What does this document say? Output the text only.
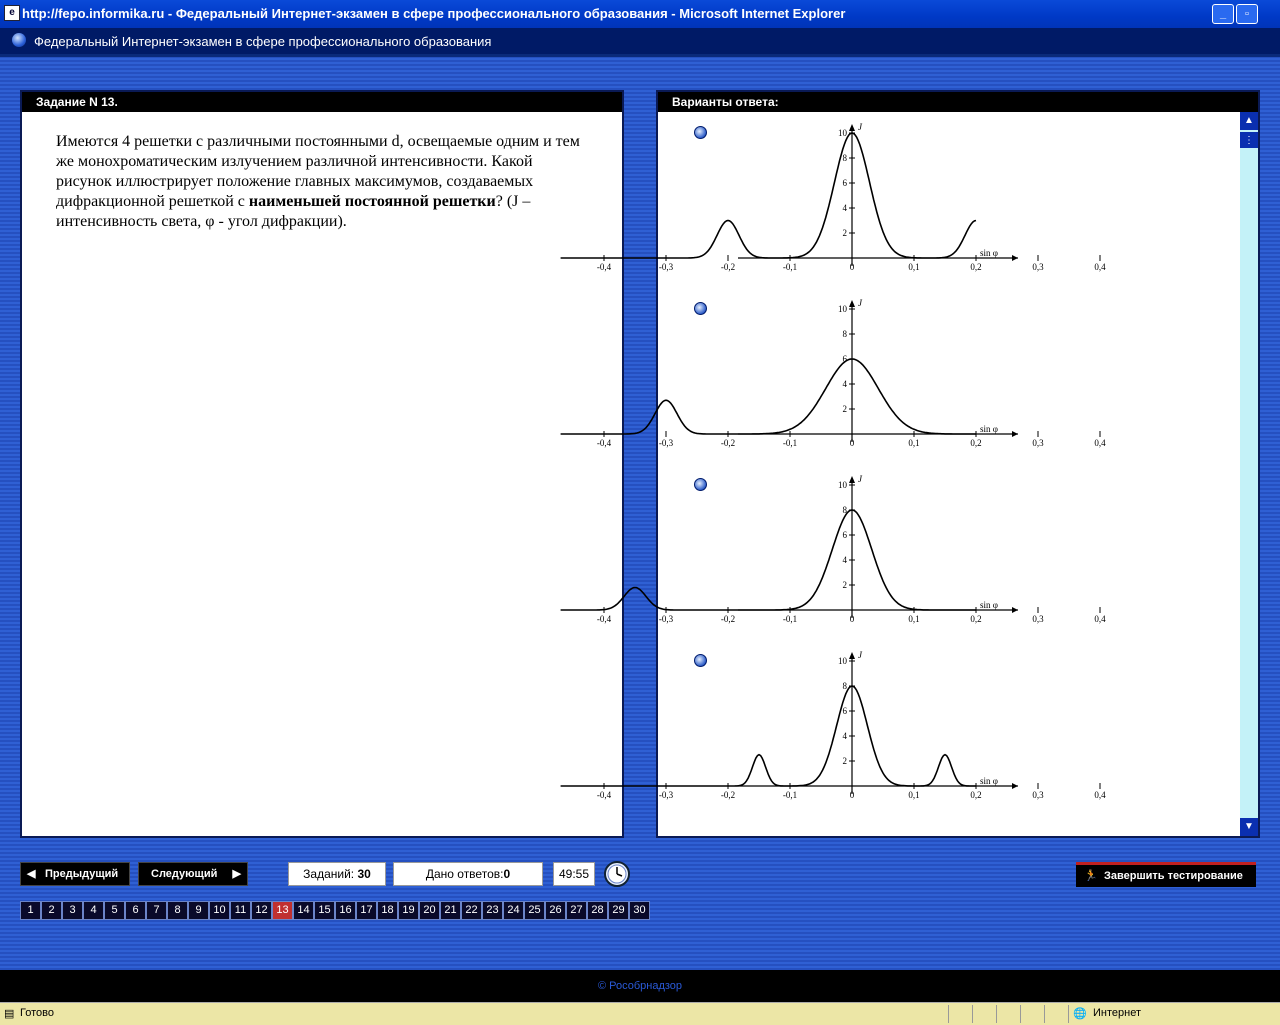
e http://fepo.informika.ru - Федеральный Интернет-экзамен в сфере профессионального образования - Microsoft Internet Explorer	_	▫
Федеральный Интернет-экзамен в сфере профессионального образования
Задание N 13.
Имеются 4 решетки с различными постоянными d, освещаемые одним и тем же монохроматическим излучением различной интенсивности. Какой рисунок иллюстрирует положение главных максимумов, создаваемых дифракционной решеткой с наименьшей постоянной решетки? (J – интенсивность света, φ - угол дифракции).
Варианты ответа:
-0,4	-0,3	-0,2	-0,1	0	0,1	0,2	0,3	0,4
2
4
6
8
10
J
sin φ
-0,4	-0,3	-0,2	-0,1	0	0,1	0,2	0,3	0,4
2
4
6
8
10
J
sin φ
-0,4	-0,3	-0,2	-0,1	0	0,1	0,2	0,3	0,4
2
4
6
8
10
J
sin φ
-0,4	-0,3	-0,2	-0,1	0	0,1	0,2	0,3	0,4
2
4
6
8
10
J
sin φ
▲
⋮
▼
◀ Предыдущий	Следующий ▶	Заданий: 30	Дано ответов:0	49:55	🏃 Завершить тестирование
1	2	3	4	5	6	7	8	9	10 11 12 13 14 15 16 17 18 19 20 21 22 23 24 25 26 27 28 29 30
© Рособрнадзор
▤ Готово	🌐 Интернет
